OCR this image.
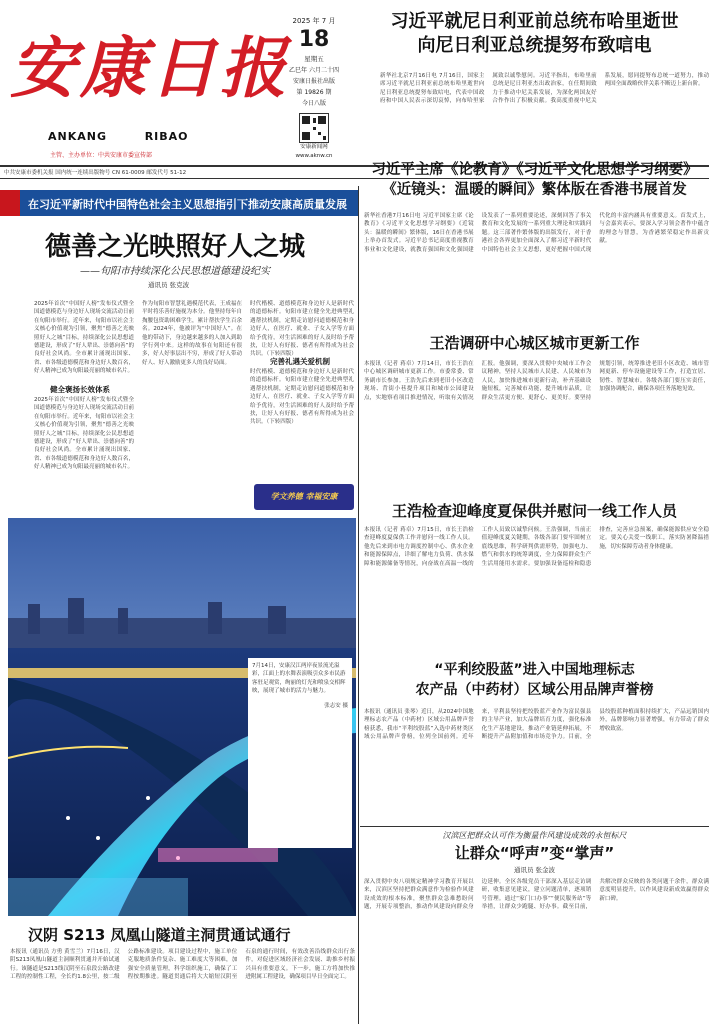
安康日报
ANKANG	RIBAO
主管、主办单位：中共安康市委宣传部
2025 年 7 月
18
星期五
乙巳年 六月二十四
安康日报社出版
第 19826 期
今日八版
安康新闻网
www.aknw.cn
中共安康市委机关报 国内统一连续出版物号 CN 61-0009 邮发代号 51-12
习近平就尼日利亚前总统布哈里逝世
向尼日利亚总统提努布致唁电
新华社北京7月16日电 7月16日，国家主席习近平就尼日利亚前总统布哈里逝世向尼日利亚总统提努布致唁电，代表中国政府和中国人民表示深切哀悼，向布哈里家属致以诚挚慰问。习近平指出，布哈里前总统是尼日利亚杰出政治家，在任期间致力于推动中尼关系发展，为深化两国友好合作作出了积极贡献。我高度重视中尼关系发展，愿同提努布总统一道努力，推动两国全面战略伙伴关系不断迈上新台阶。
在习近平新时代中国特色社会主义思想指引下推动安康高质量发展
德善之光映照好人之城
——旬阳市持续深化公民思想道德建设纪实
通讯员 张克波
2025年首次“中国好人榜”发布仪式暨全国道德模范与身边好人现场交流活动日前在旬阳市举行。近年来，旬阳市以社会主义核心价值观为引领，聚焦“德善之光映照好人之城”目标，持续深化公民思想道德建设，形成了“好人辈出、崇德向善”的良好社会风尚。全市累计涌现出国家、省、市各级道德模范和身边好人数百名，好人精神已成为旬阳最亮丽的城市名片。
健全褒扬长效体系
2025年首次“中国好人榜”发布仪式暨全国道德模范与身边好人现场交流活动日前在旬阳市举行。近年来，旬阳市以社会主义核心价值观为引领，聚焦“德善之光映照好人之城”目标，持续深化公民思想道德建设，形成了“好人辈出、崇德向善”的良好社会风尚。全市累计涌现出国家、省、市各级道德模范和身边好人数百名，好人精神已成为旬阳最亮丽的城市名片。
作为旬阳市智慧礼遇模范代表，王成福在平时将乐善好施视为本分。他坚持每年自掏腰包资助困难学生，累计帮扶学生百余名。2024年，他被评为“中国好人”。在他的带动下，身边越来越多的人加入到助学行列中来。这样的故事在旬阳还有很多，好人好事层出不穷，形成了好人带动好人、好人激励更多人的良好局面。
时代楷模、道德模范和身边好人是新时代的道德标杆。旬阳市建立健全先进典型礼遇帮扶机制，定期走访慰问道德模范和身边好人，在医疗、就业、子女入学等方面给予优待，对生活困难的好人及时给予帮扶，让好人有好报、德者有所得成为社会共识。（下转四版）
完善礼遇关爱机制
时代楷模、道德模范和身边好人是新时代的道德标杆。旬阳市建立健全先进典型礼遇帮扶机制，定期走访慰问道德模范和身边好人，在医疗、就业、子女入学等方面给予优待，对生活困难的好人及时给予帮扶，让好人有好报、德者有所得成为社会共识。（下转四版）
学文养德 幸福安康
7月14日，安康汉江两岸夜景流光溢彩，江面上的水舞表演吸引众多市民游客驻足观赏，绚丽的灯光和喷泉交相辉映，展现了城市的活力与魅力。
张志安 摄
习近平主席《论教育》《习近平文化思想学习纲要》
《近镜头：温暖的瞬间》繁体版在香港书展首发
新华社香港7月16日电 习近平国家主席《论教育》《习近平文化思想学习纲要》《近镜头：温暖的瞬间》繁体版，16日在香港书展上举办首发式。习近平总书记高度重视教育事业和文化建设，就教育强国和文化强国建设发表了一系列重要论述，深刻回答了事关教育和文化发展的一系列重大理论和实践问题。这三部著作繁体版的出版发行，对于香港社会各界更加全面深入了解习近平新时代中国特色社会主义思想，更好把握中国式现代化的丰富内涵具有重要意义。首发式上，与会嘉宾表示，要深入学习领会著作中蕴含的理念与智慧，为香港繁荣稳定作出新贡献。
王浩调研中心城区城市更新工作
本报讯（记者 蒋卓）7月14日，市长王浩在中心城区调研城市更新工作。市委常委、常务副市长参加。王浩先后来到老旧小区改造现场、背街小巷提升项目和城市公园建设点，实地察看项目推进情况，听取有关情况汇报。他强调，要深入贯彻中央城市工作会议精神，坚持人民城市人民建、人民城市为人民，加快推进城市更新行动，补齐基础设施短板，完善城市功能，提升城市品质，让群众生活更方便、更舒心、更美好。要坚持规划引领，统筹推进老旧小区改造、城市管网更新、停车设施建设等工作，打造宜居、韧性、智慧城市。各级各部门要压实责任，加强协调配合，确保各项任务落地见效。
王浩检查迎峰度夏保供并慰问一线工作人员
本报讯（记者 蒋卓）7月15日，市长王浩检查迎峰度夏保供工作并慰问一线工作人员。他先后来到市电力调度控制中心、供水企业和能源保障点，详细了解电力负荷、供水保障和能源储备等情况，向奋战在高温一线的工作人员致以诚挚问候。王浩强调，当前正值迎峰度夏关键期，各级各部门要牢固树立底线思维，科学研判供需形势，加强电力、燃气和供水的统筹调度，全力保障群众生产生活用能用水需求。要加强设备巡检和隐患排查，完善应急预案，确保能源供应安全稳定。要关心关爱一线职工，落实防暑降温措施，切实保障劳动者身体健康。
“平利绞股蓝”进入中国地理标志
农产品（中药材）区域公用品牌声誉榜
本报讯（通讯员 张琴）近日，从2024中国地理标志农产品（中药材）区域公用品牌声誉榜获悉，我市“平利绞股蓝”入选中药材类区域公用品牌声誉榜，位列全国前列。近年来，平利县坚持把绞股蓝产业作为富民强县的主导产业，加大品牌培育力度，强化标准化生产基地建设，推动产业链延伸拓展，不断提升产品附加值和市场竞争力。目前，全县绞股蓝种植面积持续扩大，产品远销国内外，品牌影响力显著增强，有力带动了群众增收致富。
汉滨区把群众认可作为衡量作风建设成效的永恒标尺
让群众“呼声”变“掌声”
通讯员 张金波
深入贯彻中央八项规定精神学习教育开展以来，汉滨区坚持把群众满意作为检验作风建设成效的根本标准，聚焦群众急难愁盼问题，开展专项整治，推动作风建设向群众身边延伸。全区各级党员干部深入基层走访调研，收集意见建议，建立问题清单，逐项销号管理。通过“家门口办事”“便民服务站”等举措，让群众少跑腿、好办事。截至目前，共解决群众反映的各类问题千余件，群众满意度明显提升，以作风建设新成效赢得群众新口碑。
汉阴 S213 凤凰山隧道主洞贯通试通行
本报讯（通讯员 方勇 黄雪兰）7月16日，汉阴S213凤凰山隧道主洞顺利贯通并开始试通行。该隧道是S213线汉阴至石泉段公路改建工程的控制性工程，全长约1.8公里，按二级公路标准建设。项目建设过程中，施工单位克服地质条件复杂、施工难度大等困难，加强安全质量管理，科学组织施工，确保了工程按期推进。隧道贯通后将大大缩短汉阴至石泉的通行时间，有效改善沿线群众出行条件，对促进区域经济社会发展、助推乡村振兴具有重要意义。下一步，施工方将加快推进附属工程建设，确保项目早日全面完工。
